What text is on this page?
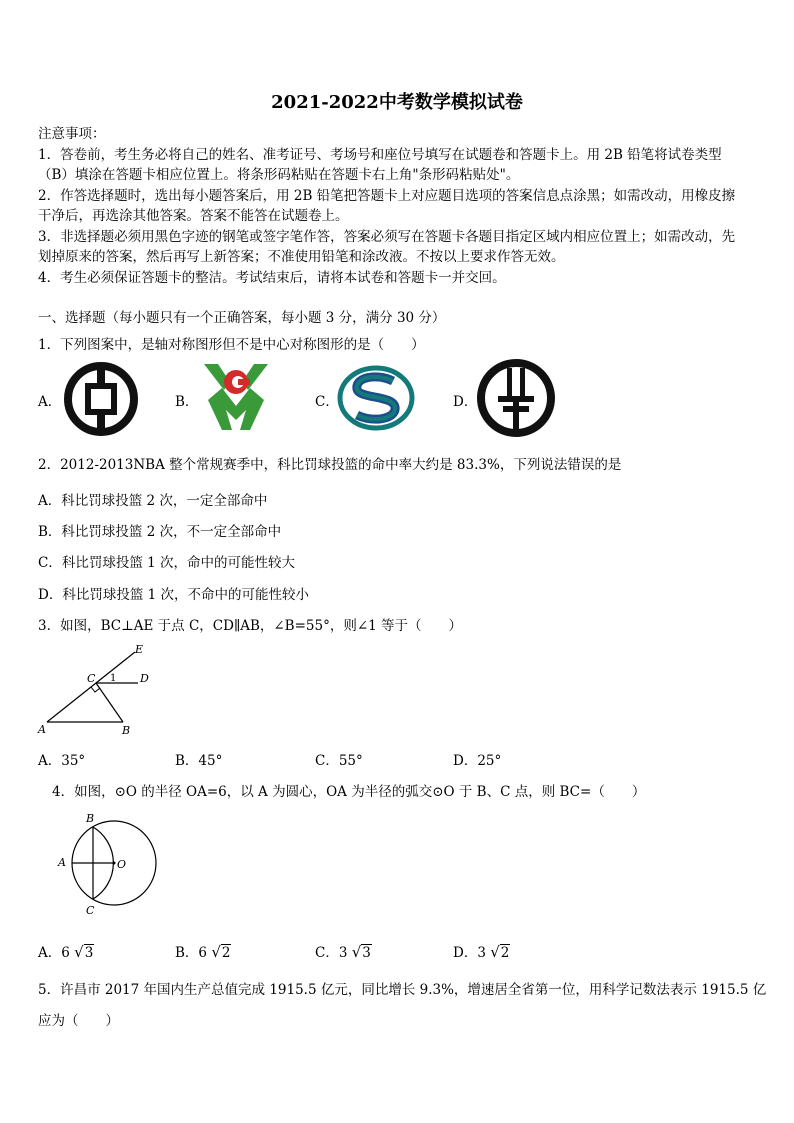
2021-2022中考数学模拟试卷
注意事项：
1．答卷前，考生务必将自己的姓名、准考证号、考场号和座位号填写在试题卷和答题卡上。用 2B 铅笔将试卷类型
（B）填涂在答题卡相应位置上。将条形码粘贴在答题卡右上角"条形码粘贴处"。
2．作答选择题时，选出每小题答案后，用 2B 铅笔把答题卡上对应题目选项的答案信息点涂黑；如需改动，用橡皮擦
干净后，再选涂其他答案。答案不能答在试题卷上。
3．非选择题必须用黑色字迹的钢笔或签字笔作答，答案必须写在答题卡各题目指定区域内相应位置上；如需改动，先
划掉原来的答案，然后再写上新答案；不准使用铅笔和涂改液。不按以上要求作答无效。
4．考生必须保证答题卡的整洁。考试结束后，请将本试卷和答题卡一并交回。
一、选择题（每小题只有一个正确答案，每小题 3 分，满分 30 分）
1．下列图案中，是轴对称图形但不是中心对称图形的是（　　）
A．	B．	C．	D．
2．2012-2013NBA 整个常规赛季中，科比罚球投篮的命中率大约是 83.3%，下列说法错误的是
A．科比罚球投篮 2 次，一定全部命中
B．科比罚球投篮 2 次，不一定全部命中
C．科比罚球投篮 1 次，命中的可能性较大
D．科比罚球投篮 1 次，不命中的可能性较小
3．如图，BC⊥AE 于点 C，CD∥AB，∠B=55°，则∠1 等于（　　）
E
C 1 D
A	B
A．35°	B．45°	C．55°	D．25°
4．如图，⊙O 的半径 OA=6，以 A 为圆心，OA 为半径的弧交⊙O 于 B、C 点，则 BC=（　　）
B
A	O
C
A．6 √3	B．6 √2	C．3 √3	D．3 √2
5．许昌市 2017 年国内生产总值完成 1915.5 亿元，同比增长 9.3%，增速居全省第一位，用科学记数法表示 1915.5 亿
应为（　　）
